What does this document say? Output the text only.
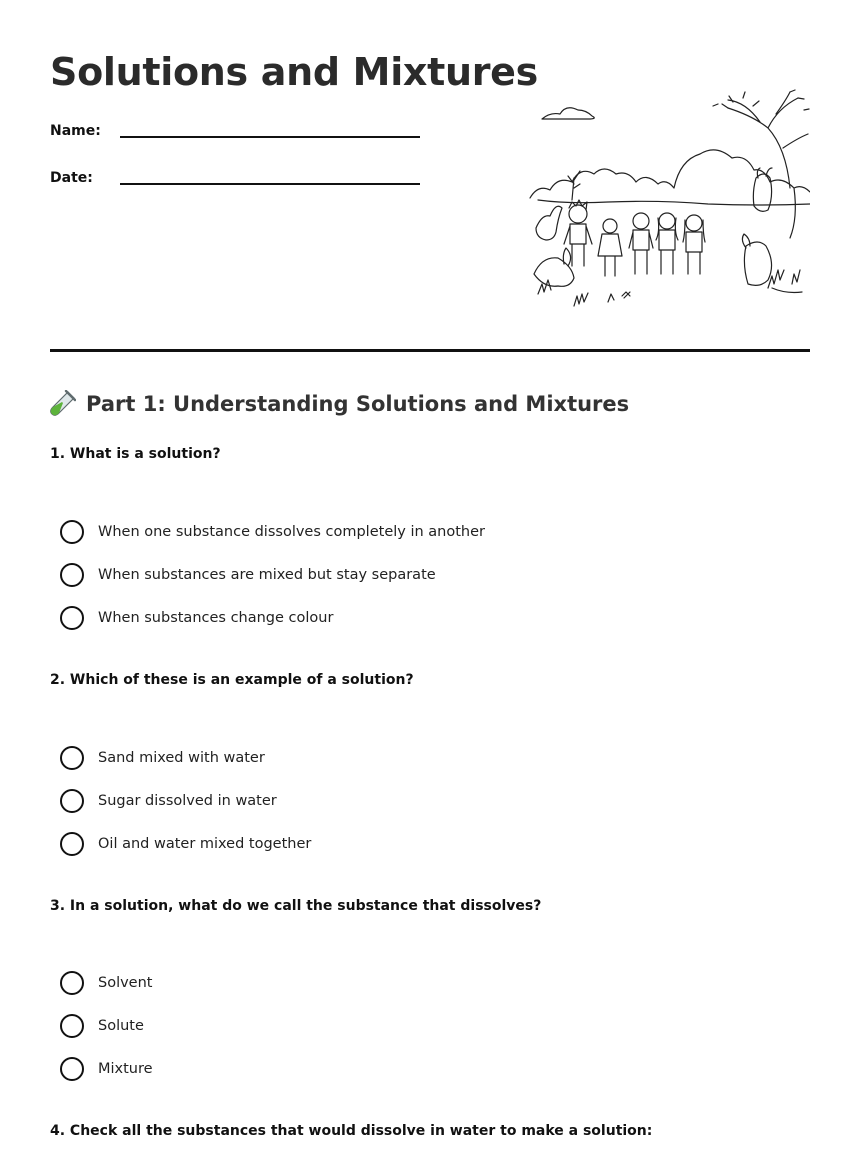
Solutions and Mixtures
Name:
Date:
Part 1: Understanding Solutions and Mixtures
1. What is a solution?
When one substance dissolves completely in another
When substances are mixed but stay separate
When substances change colour
2. Which of these is an example of a solution?
Sand mixed with water
Sugar dissolved in water
Oil and water mixed together
3. In a solution, what do we call the substance that dissolves?
Solvent
Solute
Mixture
4. Check all the substances that would dissolve in water to make a solution:
